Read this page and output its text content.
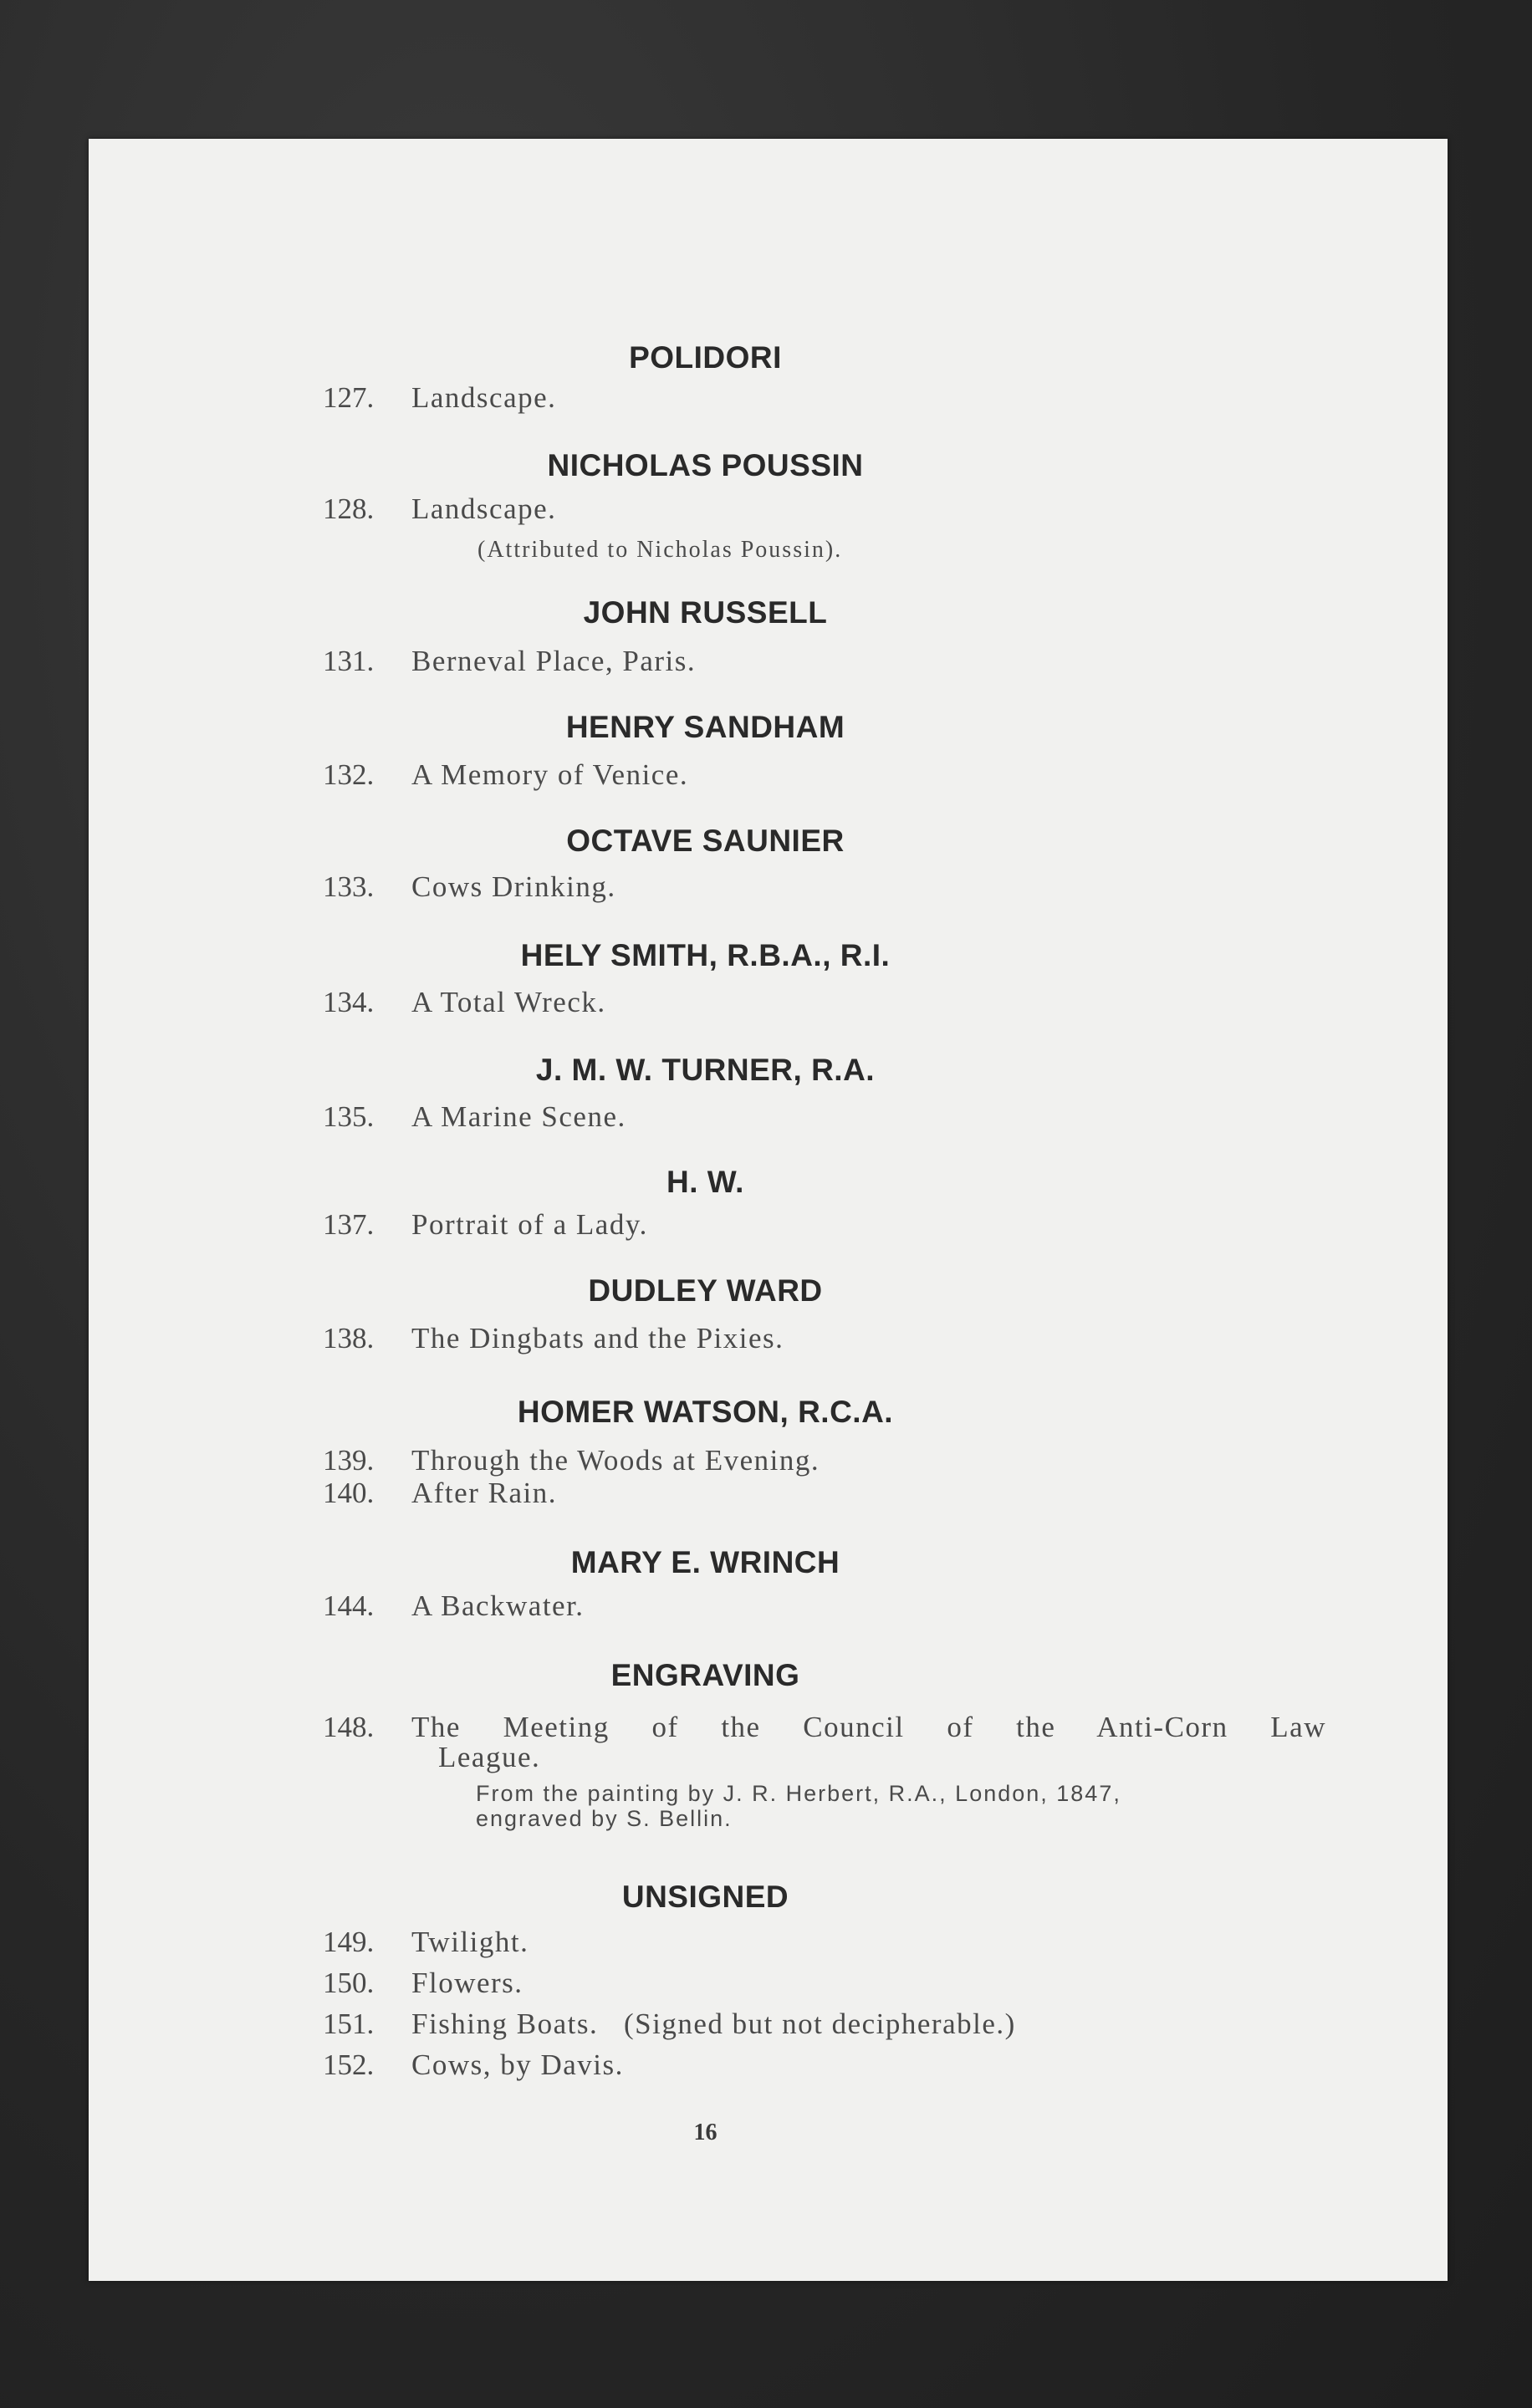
POLIDORI
127.	Landscape.
NICHOLAS POUSSIN
128.	Landscape.
(Attributed to Nicholas Poussin).
JOHN RUSSELL
131.	Berneval Place, Paris.
HENRY SANDHAM
132.	A Memory of Venice.
OCTAVE SAUNIER
133.	Cows Drinking.
HELY SMITH, R.B.A., R.I.
134.	A Total Wreck.
J. M. W. TURNER, R.A.
135.	A Marine Scene.
H. W.
137.	Portrait of a Lady.
DUDLEY WARD
138.	The Dingbats and the Pixies.
HOMER WATSON, R.C.A.
139.	Through the Woods at Evening.
140.	After Rain.
MARY E. WRINCH
144.	A Backwater.
ENGRAVING
148.	The Meeting of the Council of the Anti-Corn Law
League.
From the painting by J. R. Herbert, R.A., London, 1847,
engraved by S. Bellin.
UNSIGNED
149.	Twilight.
150.	Flowers.
151.	Fishing Boats.   (Signed but not decipherable.)
152.	Cows, by Davis.
16
